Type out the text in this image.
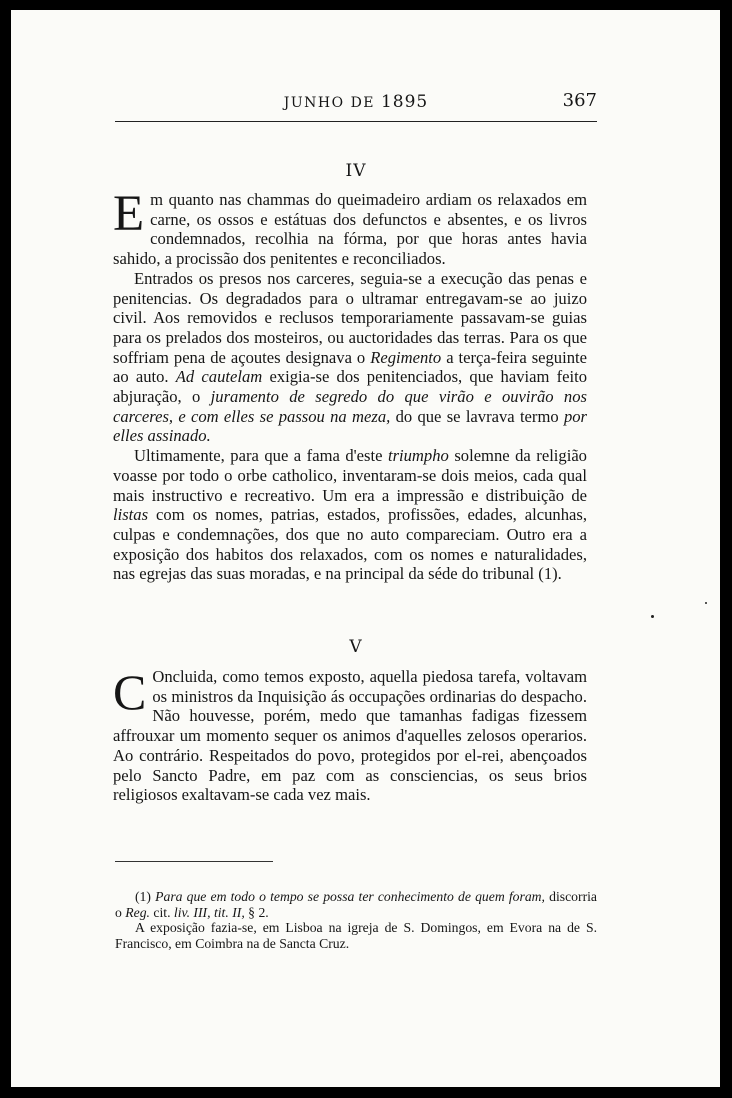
JUNHO DE 1895	367
IV

Em quanto nas chammas do queimadeiro ardiam os relaxados em carne, os ossos e estátuas dos defunctos e absentes, e os livros condemnados, recolhia na fórma, por que horas antes havia sahido, a procissão dos penitentes e reconciliados.

Entrados os presos nos carceres, seguia-se a execução das penas e penitencias. Os degradados para o ultramar entregavam-se ao juizo civil. Aos removidos e reclusos temporariamente passavam-se guias para os prelados dos mosteiros, ou auctoridades das terras. Para os que soffriam pena de açoutes designava o Regimento a terça-feira seguinte ao auto. Ad cautelam exigia-se dos penitenciados, que haviam feito abjuração, o juramento de segredo do que virão e ouvirão nos carceres, e com elles se passou na meza, do que se lavrava termo por elles assinado.

Ultimamente, para que a fama d'este triumpho solemne da religião voasse por todo o orbe catholico, inventaram-se dois meios, cada qual mais instructivo e recreativo. Um era a impressão e distribuição de listas com os nomes, patrias, estados, profissões, edades, alcunhas, culpas e condemnações, dos que no auto compareciam. Outro era a exposição dos habitos dos relaxados, com os nomes e naturalidades, nas egrejas das suas moradas, e na principal da séde do tribunal (1).

V

C Oncluida, como temos exposto, aquella piedosa tarefa, voltavam os ministros da Inquisição ás occupações ordinarias do despacho. Não houvesse, porém, medo que tamanhas fadigas fizessem affrouxar um momento sequer os animos d'aquelles zelosos operarios. Ao contrário. Respeitados do povo, protegidos por el-rei, abençoados pelo Sancto Padre, em paz com as consciencias, os seus brios religiosos exaltavam-se cada vez mais.

(1) Para que em todo o tempo se possa ter conhecimento de quem foram, discorria o Reg. cit. liv. III, tit. II, § 2.

A exposição fazia-se, em Lisboa na igreja de S. Domingos, em Evora na de S. Francisco, em Coimbra na de Sancta Cruz.
